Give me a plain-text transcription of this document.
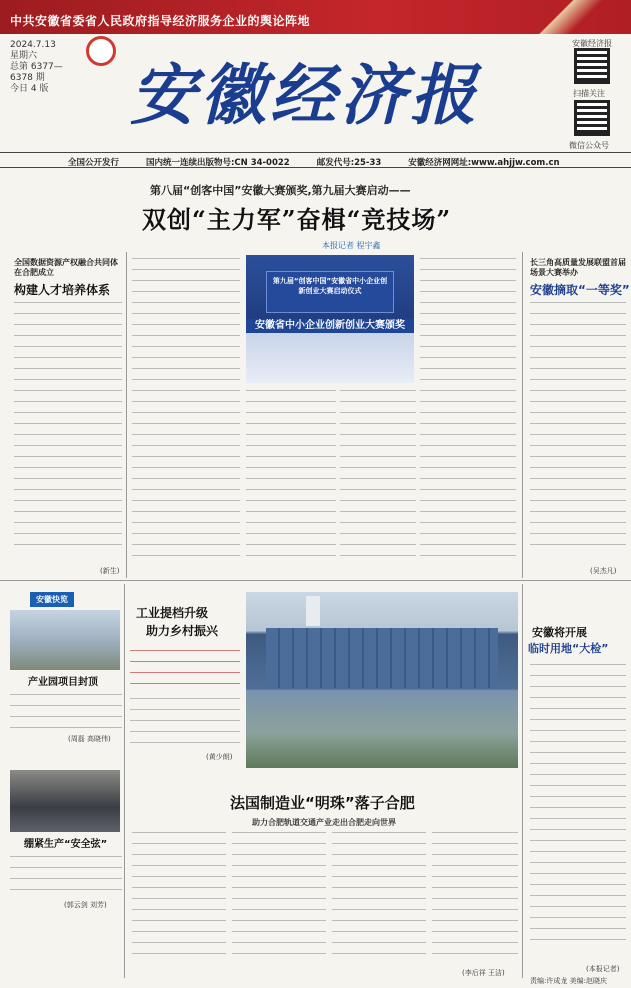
中共安徽省委省人民政府指导经济服务企业的舆论阵地
2024.7.13
星期六
总第 6377—6378 期
今日 4 版	安徽经济报	扫描关注
微信公众号
安徽经济报
全国公开发行	国内统一连续出版物号:CN 34-0022	邮发代号:25-33	安徽经济网网址:www.ahjjw.com.cn
第八届“创客中国”安徽大赛颁奖,第九届大赛启动——
双创“主力军”奋楫“竞技场”
本报记者 程宇鑫
第九届“创客中国”安徽省中小企业创新创业大赛启动仪式
安徽省中小企业创新创业大赛颁奖
全国数据资源产权融合共同体在合肥成立
构建人才培养体系
(新生)
长三角高质量发展联盟首届场景大赛举办
安徽摘取“一等奖”
(吴杰凡)
安徽快览
产业园项目封顶
(周磊 高晓伟)
绷紧生产“安全弦”
(郭云剑 刘芳)
工业提档升级
助力乡村振兴
(黄少朗)
安徽将开展
临时用地“大检”
(本报记者)
法国制造业“明珠”落子合肥
助力合肥轨道交通产业走出合肥走向世界
(李后祥 王洁)
责编:许成龙 美编:赵晓庆
